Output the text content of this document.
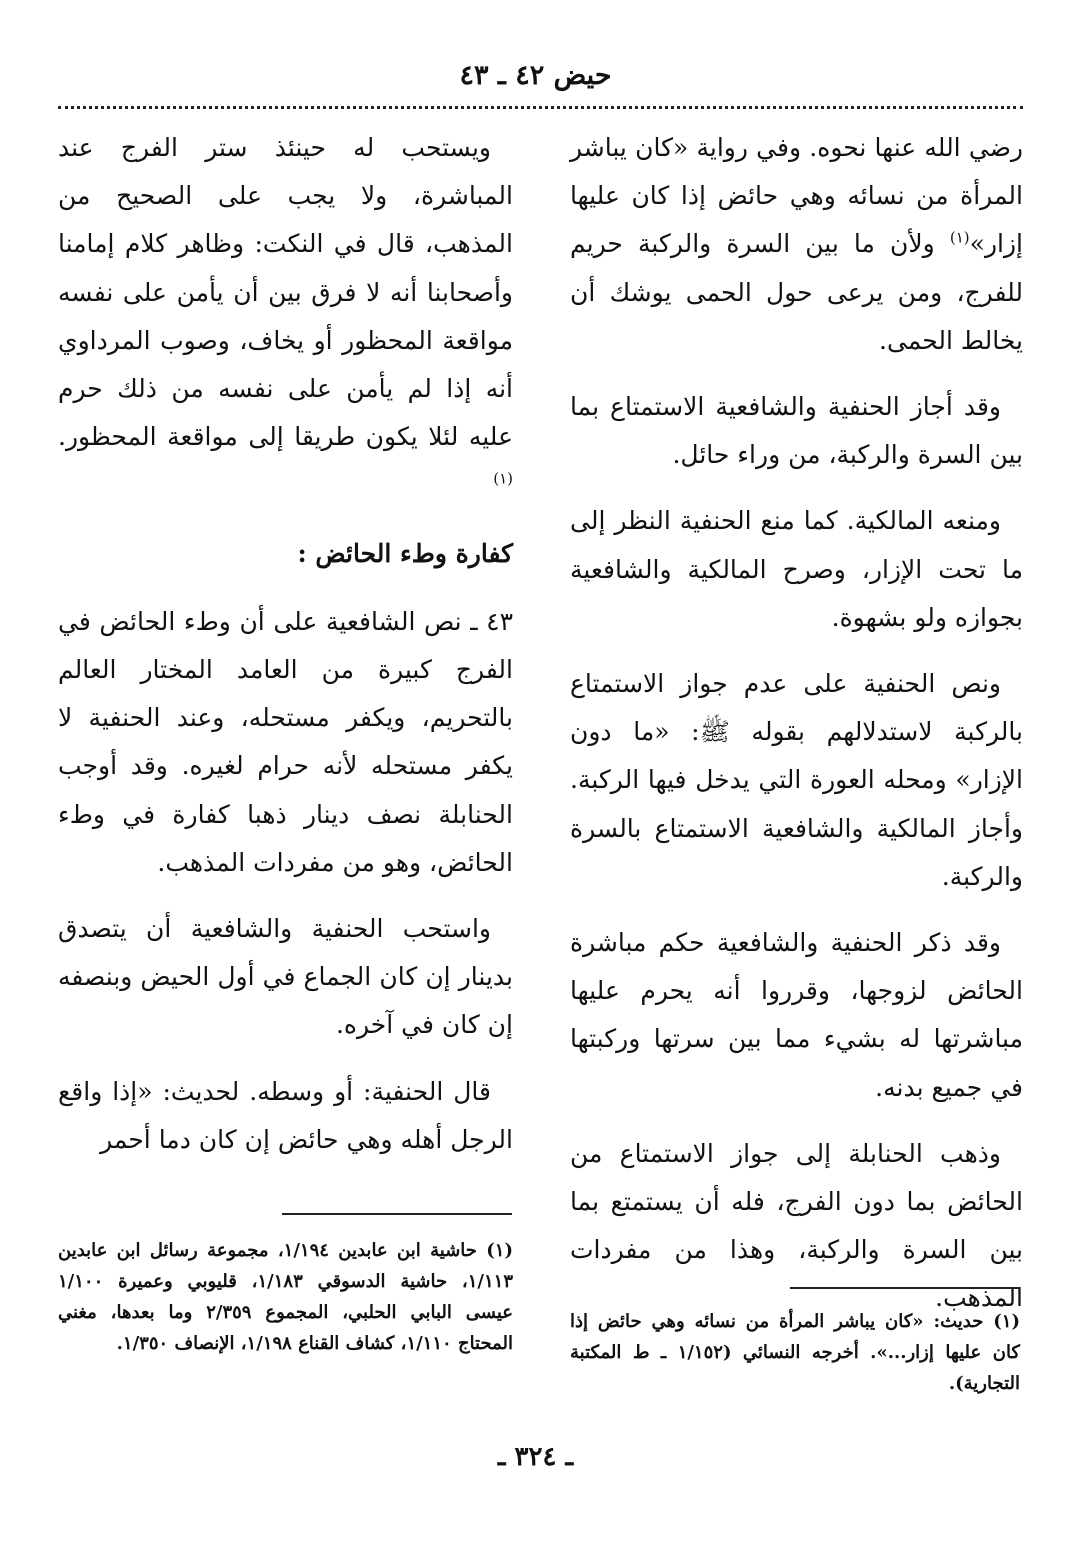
حيض ٤٢ ـ ٤٣

رضي الله عنها نحوه. وفي رواية «كان يباشر المرأة من نسائه وهي حائض إذا كان عليها إزار»$^{(١)}$ ولأن ما بين السرة والركبة حريم للفرج، ومن يرعى حول الحمى يوشك أن يخالط الحمى.

وقد أجاز الحنفية والشافعية الاستمتاع بما بين السرة والركبة، من وراء حائل.

ومنعه المالكية. كما منع الحنفية النظر إلى ما تحت الإزار، وصرح المالكية والشافعية بجوازه ولو بشهوة.

ونص الحنفية على عدم جواز الاستمتاع بالركبة لاستدلالهم بقوله ﷺ: «ما دون الإزار» ومحله العورة التي يدخل فيها الركبة. وأجاز المالكية والشافعية الاستمتاع بالسرة والركبة.

وقد ذكر الحنفية والشافعية حكم مباشرة الحائض لزوجها، وقرروا أنه يحرم عليها مباشرتها له بشيء مما بين سرتها وركبتها في جميع بدنه.

وذهب الحنابلة إلى جواز الاستمتاع من الحائض بما دون الفرج، فله أن يستمتع بما بين السرة والركبة، وهذا من مفردات المذهب.

ويستحب له حينئذ ستر الفرج عند المباشرة، ولا يجب على الصحيح من المذهب، قال في النكت: وظاهر كلام إمامنا وأصحابنا أنه لا فرق بين أن يأمن على نفسه مواقعة المحظور أو يخاف، وصوب المرداوي أنه إذا لم يأمن على نفسه من ذلك حرم عليه لئلا يكون طريقا إلى مواقعة المحظور.$^{(١)}$

كفارة وطء الحائض :

٤٣ ـ نص الشافعية على أن وطء الحائض في الفرج كبيرة من العامد المختار العالم بالتحريم، ويكفر مستحله، وعند الحنفية لا يكفر مستحله لأنه حرام لغيره. وقد أوجب الحنابلة نصف دينار ذهبا كفارة في وطء الحائض، وهو من مفردات المذهب.

واستحب الحنفية والشافعية أن يتصدق بدينار إن كان الجماع في أول الحيض وبنصفه إن كان في آخره.

قال الحنفية: أو وسطه. لحديث: «إذا واقع الرجل أهله وهي حائض إن كان دما أحمر

(١) حاشية ابن عابدين ١/١٩٤، مجموعة رسائل ابن عابدين ١/١١٣، حاشية الدسوقي ١/١٨٣، قليوبي وعميرة ١/١٠٠ عيسى البابي الحلبي، المجموع ٢/٣٥٩ وما بعدها، مغني المحتاج ١/١١٠، كشاف القناع ١/١٩٨، الإنصاف ١/٣٥٠.
(١) حديث: «كان يباشر المرأة من نسائه وهي حائض إذا كان عليها إزار...». أخرجه النسائي (١/١٥٢ ـ ط المكتبة التجارية).
ـ ٣٢٤ ـ
